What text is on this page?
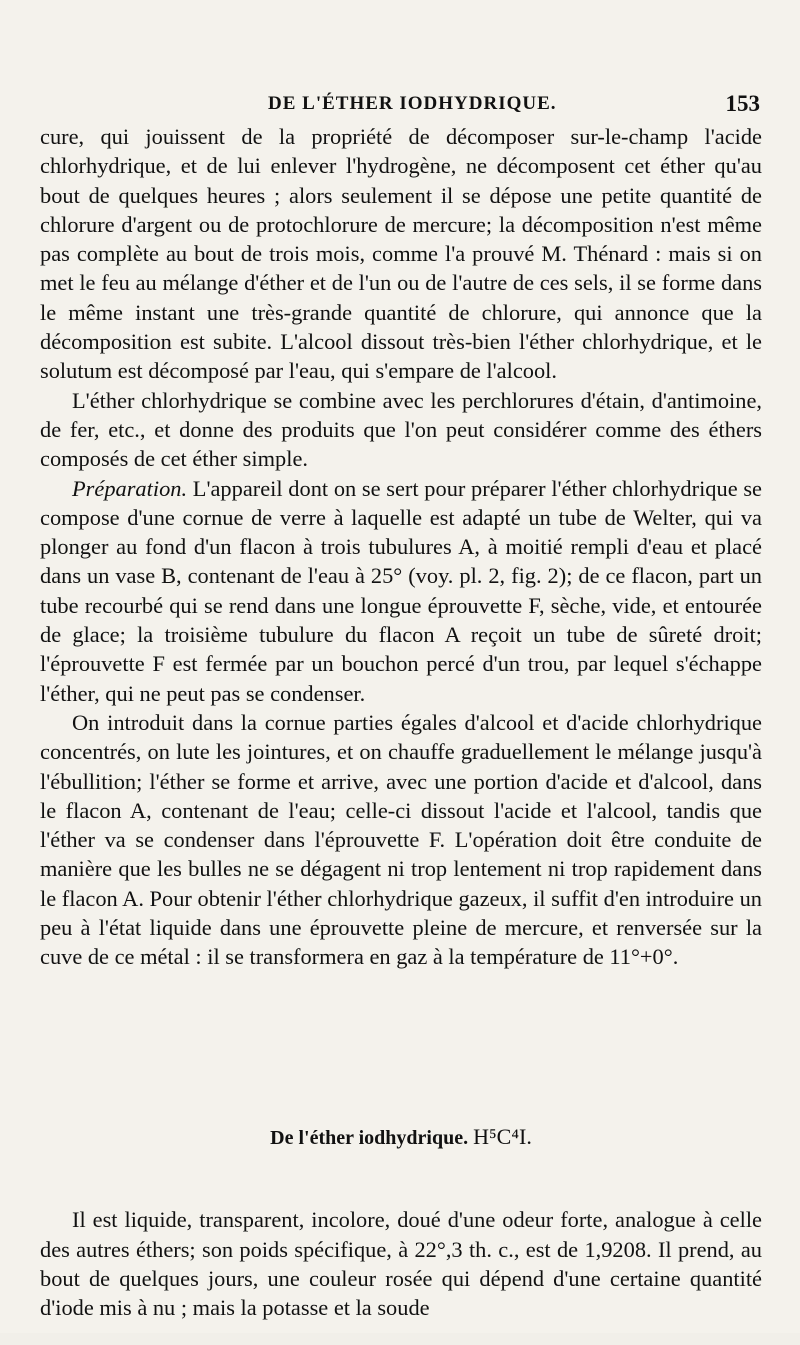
DE L'ÉTHER IODHYDRIQUE.	153

cure, qui jouissent de la propriété de décomposer sur-le-champ l'acide chlorhydrique, et de lui enlever l'hydrogène, ne décomposent cet éther qu'au bout de quelques heures ; alors seulement il se dépose une petite quantité de chlorure d'argent ou de protochlorure de mercure; la décomposition n'est même pas complète au bout de trois mois, comme l'a prouvé M. Thénard : mais si on met le feu au mélange d'éther et de l'un ou de l'autre de ces sels, il se forme dans le même instant une très-grande quantité de chlorure, qui annonce que la décomposition est subite. L'alcool dissout très-bien l'éther chlorhydrique, et le solutum est décomposé par l'eau, qui s'empare de l'alcool.

L'éther chlorhydrique se combine avec les perchlorures d'étain, d'antimoine, de fer, etc., et donne des produits que l'on peut considérer comme des éthers composés de cet éther simple.

Préparation. L'appareil dont on se sert pour préparer l'éther chlorhydrique se compose d'une cornue de verre à laquelle est adapté un tube de Welter, qui va plonger au fond d'un flacon à trois tubulures A, à moitié rempli d'eau et placé dans un vase B, contenant de l'eau à 25° (voy. pl. 2, fig. 2); de ce flacon, part un tube recourbé qui se rend dans une longue éprouvette F, sèche, vide, et entourée de glace; la troisième tubulure du flacon A reçoit un tube de sûreté droit; l'éprouvette F est fermée par un bouchon percé d'un trou, par lequel s'échappe l'éther, qui ne peut pas se condenser.

On introduit dans la cornue parties égales d'alcool et d'acide chlorhydrique concentrés, on lute les jointures, et on chauffe graduellement le mélange jusqu'à l'ébullition; l'éther se forme et arrive, avec une portion d'acide et d'alcool, dans le flacon A, contenant de l'eau; celle-ci dissout l'acide et l'alcool, tandis que l'éther va se condenser dans l'éprouvette F. L'opération doit être conduite de manière que les bulles ne se dégagent ni trop lentement ni trop rapidement dans le flacon A. Pour obtenir l'éther chlorhydrique gazeux, il suffit d'en introduire un peu à l'état liquide dans une éprouvette pleine de mercure, et renversée sur la cuve de ce métal : il se transformera en gaz à la température de 11°+0°.

De l'éther iodhydrique. H⁵C⁴I.

Il est liquide, transparent, incolore, doué d'une odeur forte, analogue à celle des autres éthers; son poids spécifique, à 22°,3 th. c., est de 1,9208. Il prend, au bout de quelques jours, une couleur rosée qui dépend d'une certaine quantité d'iode mis à nu ; mais la potasse et la soude
